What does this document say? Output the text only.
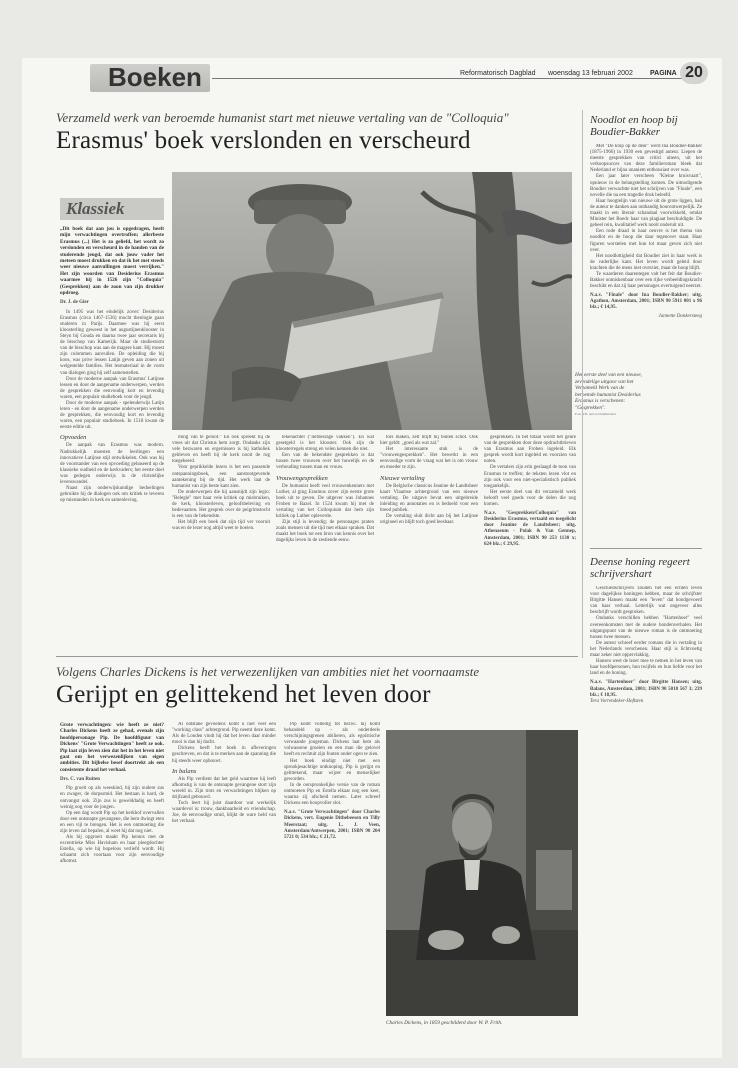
Boeken	Reformatorisch Dagblad woensdag 13 februari 2002 PAGINA 20
Verzameld werk van beroemde humanist start met nieuwe vertaling van de "Colloquia"
Erasmus' boek verslonden en verscheurd
Klassiek
Het eerste deel van een nieuwe, zevendelige uitgave van het Verzameld Werk van de beroemde humanist Desiderius Erasmus is verschenen: "Gesprekken".
Foto RD, Anton Dommerholt

„Dit boek dat aan jou is opgedragen, heeft mijn verwachtingen overtroffen; allerbeste Erasmus (...) Het is zo geliefd, het wordt zo verslonden en verscheurd in de handen van de studerende jeugd, dat ook jouw vader het meteen moest drukken en dat ik het met steeds weer nieuwe aanvullingen moest verrijken." Het zijn woorden van Desiderius Erasmus waarmee hij in 1526 zijn "Colloquia" (Gesprekken) aan de zoon van zijn drukker opdroeg.

Dr. J. de Gier

In 1495 was het eindelijk zover: Desiderius Erasmus (circa 1467-1536) mocht theologie gaan studeren in Parijs. Daarmee was hij eerst kloosterling geweest in het augustijnenklooster in Steyn bij Gouda en daarna twee jaar secretaris bij de bisschop van Kamerijk. Maar de studiestorm van de bisschop was aan de magere kant. Hij moest zijn colommen aanvullen. De opleiding die hij koos, was prive lessen Latijn geven aan zonen uit welgestelde families. Het lesmateriaal in de vorm van dialogen ging hij zelf samenstellen.

Door de moderne aanpak van Erasmus' Latijnse lessen en door de aangename onderwerpen, werden de gesprekken die eenvoudig kort en levendig waren, een populair studieboek voor de jeugd.

Door de moderne aanpak - spelenderwijs Latijn leren - en door de aangename onderwerpen werden de gesprekken, die eenvoudig kort en levendig waren, een populair studieboek. In 1518 kwam de eerste editie uit.

Opvoeden

De aanpak van Erasmus was modern. Nadrukkelijk moesten de leerlingen een innovatieve Latijnse stijl ontwikkelen. Ook was hij de voorstander van een opvoeding gebaseerd op de klassieke oudheid en de kerkvaders; het eerste doel was gedegen onderwijs in de christelijke levenswandel.

Naast zijn onderwijskundige bedoelingen gebruikte hij de dialogen ook om kritiek te leveren op misstanden in kerk en samenleving.

ming van te geloof." En ook spreekt hij de vrees uit dat Christus hem zorgt. Ondanks zijn vele bezwaren en ergernissen is hij katholiek gebleven en heeft hij de kerk nooit de rug toegekeerd.

Voor geprikkelde lezers is het een passende ontspanningsboek, een aanstootgevende aantekening bij de tijd. Het werk laat de humanist van zijn beste kant zien.

De onderwerpen die hij aansnijdt zijn legio: "Belegie" met haar vele kritiek op misbruiken, de kerk, kloosterleven, geloofsbeleving en bedevaarten. Het gesprek over de pelgrimstocht is een van de bekendste.

Het blijft een boek dat zijn tijd ver vooruit was en de lezer nog altijd weet te boeien.

tekenachtel ("liefdesrage vakken"). En wat gesetgeld is het klooster. Ook zijn de kloosterregels streng en velen kennen die niet.

Een van de bekendste gesprekken is dat tussen twee vrouwen over het huwelijk en de verhouding tussen man en vrouw.

Vrouwengesprekken

De humanist heeft veel vrouwenkenners met Luther, al ging Erasmus zover zijn eerste grote boek uit te geven. De uitgever was Johannes Froben te Bazel. In 1524 kwam hij met de vertaling van het Colloquium dat hem zijn kritiek op Luther opleverde.

Zijn stijl is levendig; de personages praten zoals mensen uit die tijd met elkaar spraken. Dat maakt het boek tot een bron van kennis over het dagelijks leven in de zestiende eeuw.

tors maken, zelf blijft hij buiten schot. Ook hier geldt: „goed als wat zal."

Het interessante stuk is de "vrouwengesprekken". Het bewerkt in een eenvoudige vorm de vraag wat het is om vrouw en moeder te zijn.

Nieuwe vertaling

De Belgische classicus Jeanine de Landtsheer kaart Vlaamse achtergrond van een nieuwe vertaling. De uitgave bevat een uitgebreide inleiding en annotaties en is bedoeld voor een breed publiek.

De vertaling sluit dicht aan bij het Latijnse origineel en blijft toch goed leesbaar.

gesprekken. In het totaal wordt het genre van de gesprekken door deze opdrachtbrieven van Erasmus aan Froben ingeleid. Elk gesprek wordt kort ingeleid en voorzien van noten.

De vertalers zijn erin geslaagd de toon van Erasmus te treffen; de teksten lezen vlot en zijn ook voor een niet-specialistisch publiek toegankelijk.

Het eerste deel van dit verzameld werk belooft veel goeds voor de delen die nog komen.

N.a.v. "Gesprekken/Colloquia" van Desiderius Erasmus, vertaald en toegelicht door Jeanine de Landtsheer; uitg. Athenaeum - Polak & Van Gennep, Amsterdam, 2001; ISBN 90 253 1130 x; 624 blz.; € 29,95.

Noodlot en hoop bij Boudier-Bakker

Met "De klop op de deur" werd Ina Boudier-Bakker (1875-1966) in 1930 een gevestigd auteur. Liepen de meeste gesprekken van critici uiteen, uit het verkoopsucces van deze familieroman bleek dat Nederland er bijna unaniem enthousiast over was.

Een jaar later verscheen "Kleine kruisvaart", opnieuw in de belangstelling komen. De uitnodigende Boudier verwachtte niet het schrijven van "Finale", een novelle die na een tragedie druk beleefd.

Haar hoogtelijn van nieuwe uit de grote liggen, had de auteur te danken aan onthandig hoorontwerpelijk. Ze maakt in een literair schandaal voorwikkeld, omdat Minister het Boedc haar van plagiaat beschuldigde. De geheel rein, kwalitatief werk nooit onderuit uit.

Een rode draad in haar oeuvre is het thema van noodlot en de hoop die daar tegenover staat. Haar figuren worstelen met hun lot maar geven zich niet over.

Het noodlottigheid dat Boudier ziet in haar werk is de vaderlijke kant. Het leven wordt geleid door krachten die de mens niet overziet, maar de hoop blijft.

Te waarderen daarentegen valt het feit dat Boudier-Bakker onmiskenbaar over een rijke verbeeldingskracht beschikt en dat zij haar personages overtuigend neerzet.

N.a.v. "Finale" door Ina Boudier-Bakker; uitg. Agathon, Amsterdam, 2001; ISBN 90 5911 001 x 96 blz.; € 14,95.

Jannette Donkersteeg

Deense honing regeert schrijvershart

Geschiedschrijvers zouden het een echten leven voor dagelijkse honingen hebben, maar de schrijfster Birgitte Hansen maakt een "leven" dat hondgevoerd van haar verhaal. Letterlijk wat ongeveer alles beschrijft wordt gesproken.

Ondanks verschillen hebben "Hartenhoer" veel overeenkomsten met de oudere hondenverhalen. Het uitgangspunt van de nieuwe roman is de ontmoeting tussen twee mensen.

De auteur schreef eerder romans die in vertaling in het Nederlands verschenen. Haar stijl is lichtvoetig maar zeker niet oppervlakkig.

Hansen weet de lezer mee te nemen in het leven van haar hoofdpersonen, hun twijfels en hun liefde voor het land en de honing.

N.a.v. "Hartenhoer" door Birgitte Hansen; uitg. Balans, Amsterdam, 2001; ISBN 90 5018 567 3; 239 blz.; € 18,95.

Tera Vorrendeker-Hoftsten

Volgens Charles Dickens is het verwezenlijken van ambities niet het voornaamste
Gerijpt en gelittekend het leven door

Grote verwachtingen: wie heeft ze niet? Charles Dickens heeft ze gehad, evenals zijn hoofdpersonage Pip. De hoofdfiguur van Dickens' "Grote Verwachtingen" heeft ze ook. Pip laat zijn leven zien dat het in het leven niet gaat om het verwezenlijken van eigen ambities. Dit bijbelse besef doortrekt als een consistente draad het verhaal.

Drs. C. van Ruiten

Pip groeit op als weeskind, bij zijn oudere zus en zwager, de dorpssmid. Het bestaan is hard, de ontvangst ook. Zijn zus is gewelddadig en heeft weinig oog voor de jongen.

Op een dag wordt Pip op het kerkhof overvallen door een ontsnapte gevangene, die hem dwingt eten en een vijl te brengen. Het is een ontmoeting die zijn leven zal bepalen, al weet hij dat nog niet.

Als hij opgroeit maakt Pip kennis met de excentrieke Miss Havisham en haar pleegdochter Estella, op wie hij hopeloos verliefd wordt. Hij schaamt zich voortaan voor zijn eenvoudige afkomst.

Al ontstane gevoelens komt u niet veel een "working class" achtergrond. Pip neemt deze komt. Als de Londen vindt hij dat het leven daar minder mooi is dan hij dacht.

Dickens heeft het boek in afleveringen geschreven, en dat is te merken aan de spanning die hij steeds weer opbouwt.

In balans

Als Pip verdient dat het geld waarmee hij leeft afkomstig is van de ontsnapte gevangene stort zijn wereld in. Zijn trots en verwachtingen blijken op drijfzand gebouwd.

Toch leert hij juist daardoor wat werkelijk waardevol is: trouw, dankbaarheid en vriendschap. Joe, de eenvoudige smid, blijkt de ware held van het verhaal.

Pip komt volledig tot bezwi. hij komt behandeld op - als onderdeels verschijningsgrenen abilieren, als egoïstische verwaande jongeman. Dickens laat hem als volwassene groeien en een man die gelovel heeft en rechtuit zijn fouten onder ogen te zien.

Het boek eindigt niet met een sprookjesachtige ontknoping. Pip is gerijpt en gelittekend, maar wijzer en menselijker geworden.

In de oorspronkelijke versie van de roman ontmoeten Pip en Estella elkaar nog een keer, waarna zij afscheid nemen. Later schreef Dickens een hoopvoller slot.

N.a.v. "Grote Verwachtingen" door Charles Dickens, vert. Eugenie Dithebeesen en Tilly Meerstaat; uitg. L. J. Veen, Amsterdam/Antwerpen, 2001; ISBN 90 204 5721 0; 534 blz.; € 21,72.

Charles Dickens, in 1859 geschilderd door W. P. Frith.
